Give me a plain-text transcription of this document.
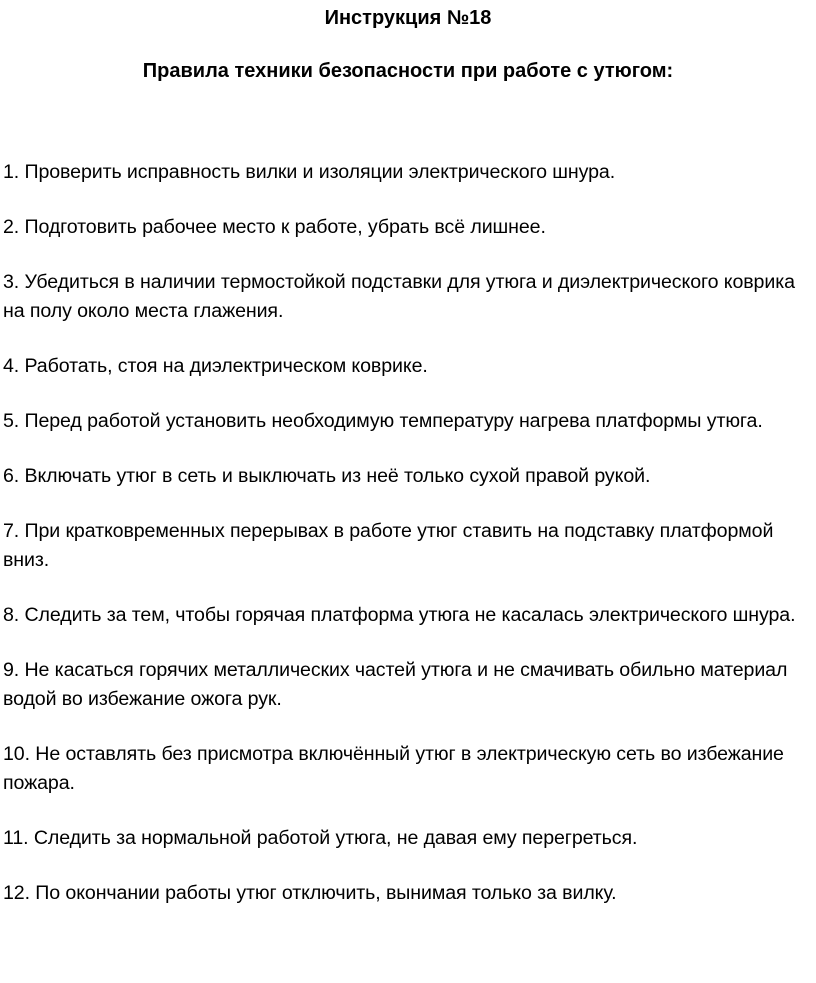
Инструкция №18
Правила техники безопасности при работе с утюгом:
1. Проверить исправность вилки и изоляции электрического шнура.
2. Подготовить рабочее место к работе, убрать всё лишнее.
3. Убедиться в наличии термостойкой подставки для утюга и диэлектрического коврика на полу около места глажения.
4. Работать, стоя на диэлектрическом коврике.
5. Перед работой установить необходимую температуру нагрева платформы утюга.
6. Включать утюг в сеть и выключать из неё только сухой правой рукой.
7. При кратковременных перерывах в работе утюг ставить на подставку платформой вниз.
8. Следить за тем, чтобы горячая платформа утюга не касалась электрического шнура.
9. Не касаться горячих металлических частей утюга и не смачивать обильно материал водой во избежание ожога рук.
10. Не оставлять без присмотра включённый утюг в электрическую сеть во избежание пожара.
11. Следить за нормальной работой утюга, не давая ему перегреться.
12. По окончании работы утюг отключить, вынимая только за вилку.
